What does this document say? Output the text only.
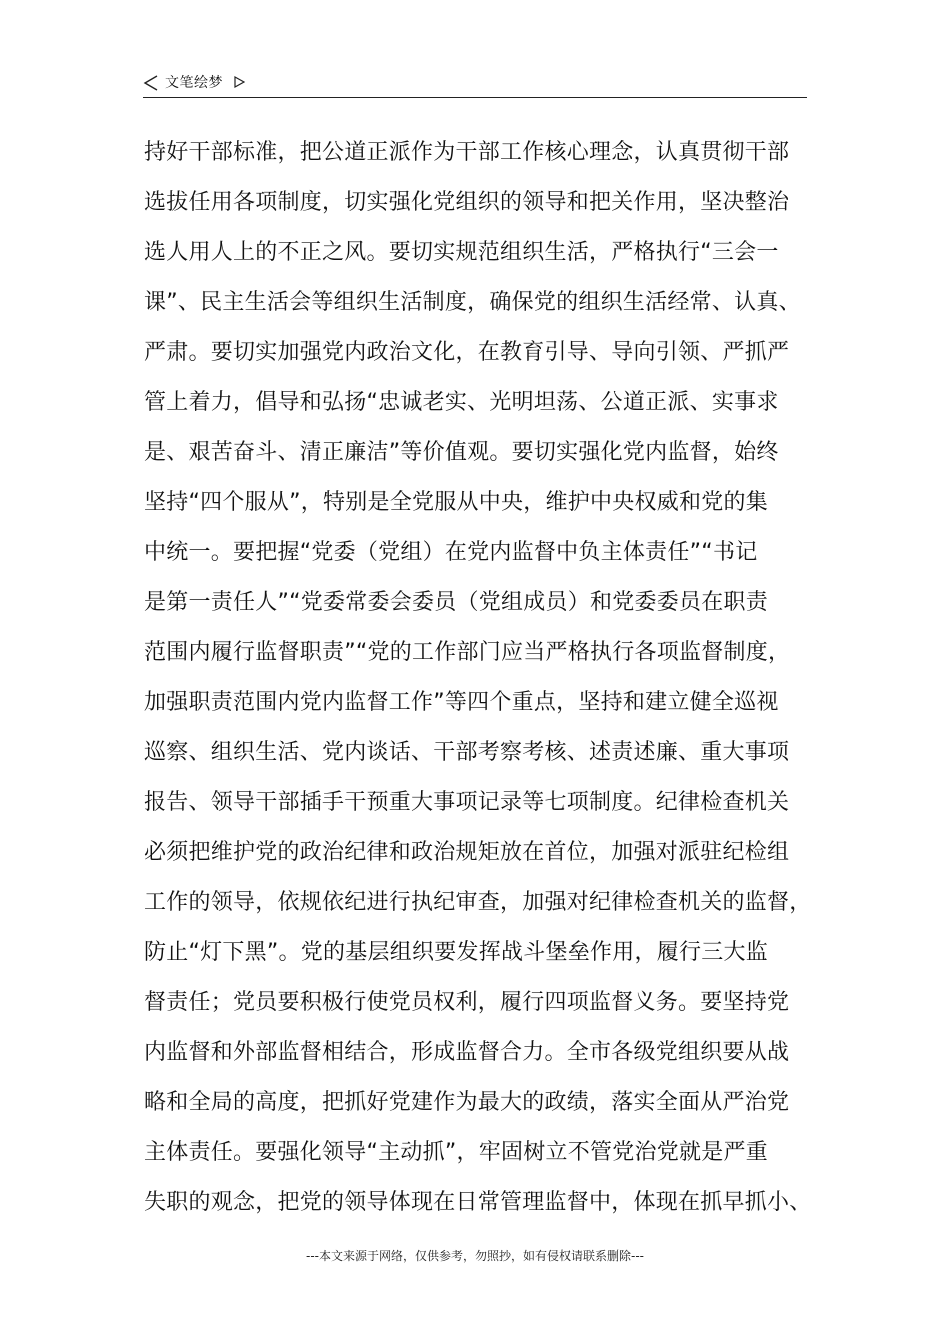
文笔绘梦
持好干部标准，把公道正派作为干部工作核心理念，认真贯彻干部
选拔任用各项制度，切实强化党组织的领导和把关作用，坚决整治
选人用人上的不正之风。要切实规范组织生活，严格执行“三会一
课”、民主生活会等组织生活制度，确保党的组织生活经常、认真、
严肃。要切实加强党内政治文化，在教育引导、导向引领、严抓严
管上着力，倡导和弘扬“忠诚老实、光明坦荡、公道正派、实事求
是、艰苦奋斗、清正廉洁”等价值观。要切实强化党内监督，始终
坚持“四个服从”，特别是全党服从中央，维护中央权威和党的集
中统一。要把握“党委（党组）在党内监督中负主体责任”“书记
是第一责任人”“党委常委会委员（党组成员）和党委委员在职责
范围内履行监督职责”“党的工作部门应当严格执行各项监督制度，
加强职责范围内党内监督工作”等四个重点，坚持和建立健全巡视
巡察、组织生活、党内谈话、干部考察考核、述责述廉、重大事项
报告、领导干部插手干预重大事项记录等七项制度。纪律检查机关
必须把维护党的政治纪律和政治规矩放在首位，加强对派驻纪检组
工作的领导，依规依纪进行执纪审查，加强对纪律检查机关的监督，
防止“灯下黑”。党的基层组织要发挥战斗堡垒作用，履行三大监
督责任；党员要积极行使党员权利，履行四项监督义务。要坚持党
内监督和外部监督相结合，形成监督合力。全市各级党组织要从战
略和全局的高度，把抓好党建作为最大的政绩，落实全面从严治党
主体责任。要强化领导“主动抓”，牢固树立不管党治党就是严重
失职的观念，把党的领导体现在日常管理监督中，体现在抓早抓小、
---本文来源于网络，仅供参考，勿照抄，如有侵权请联系删除---
